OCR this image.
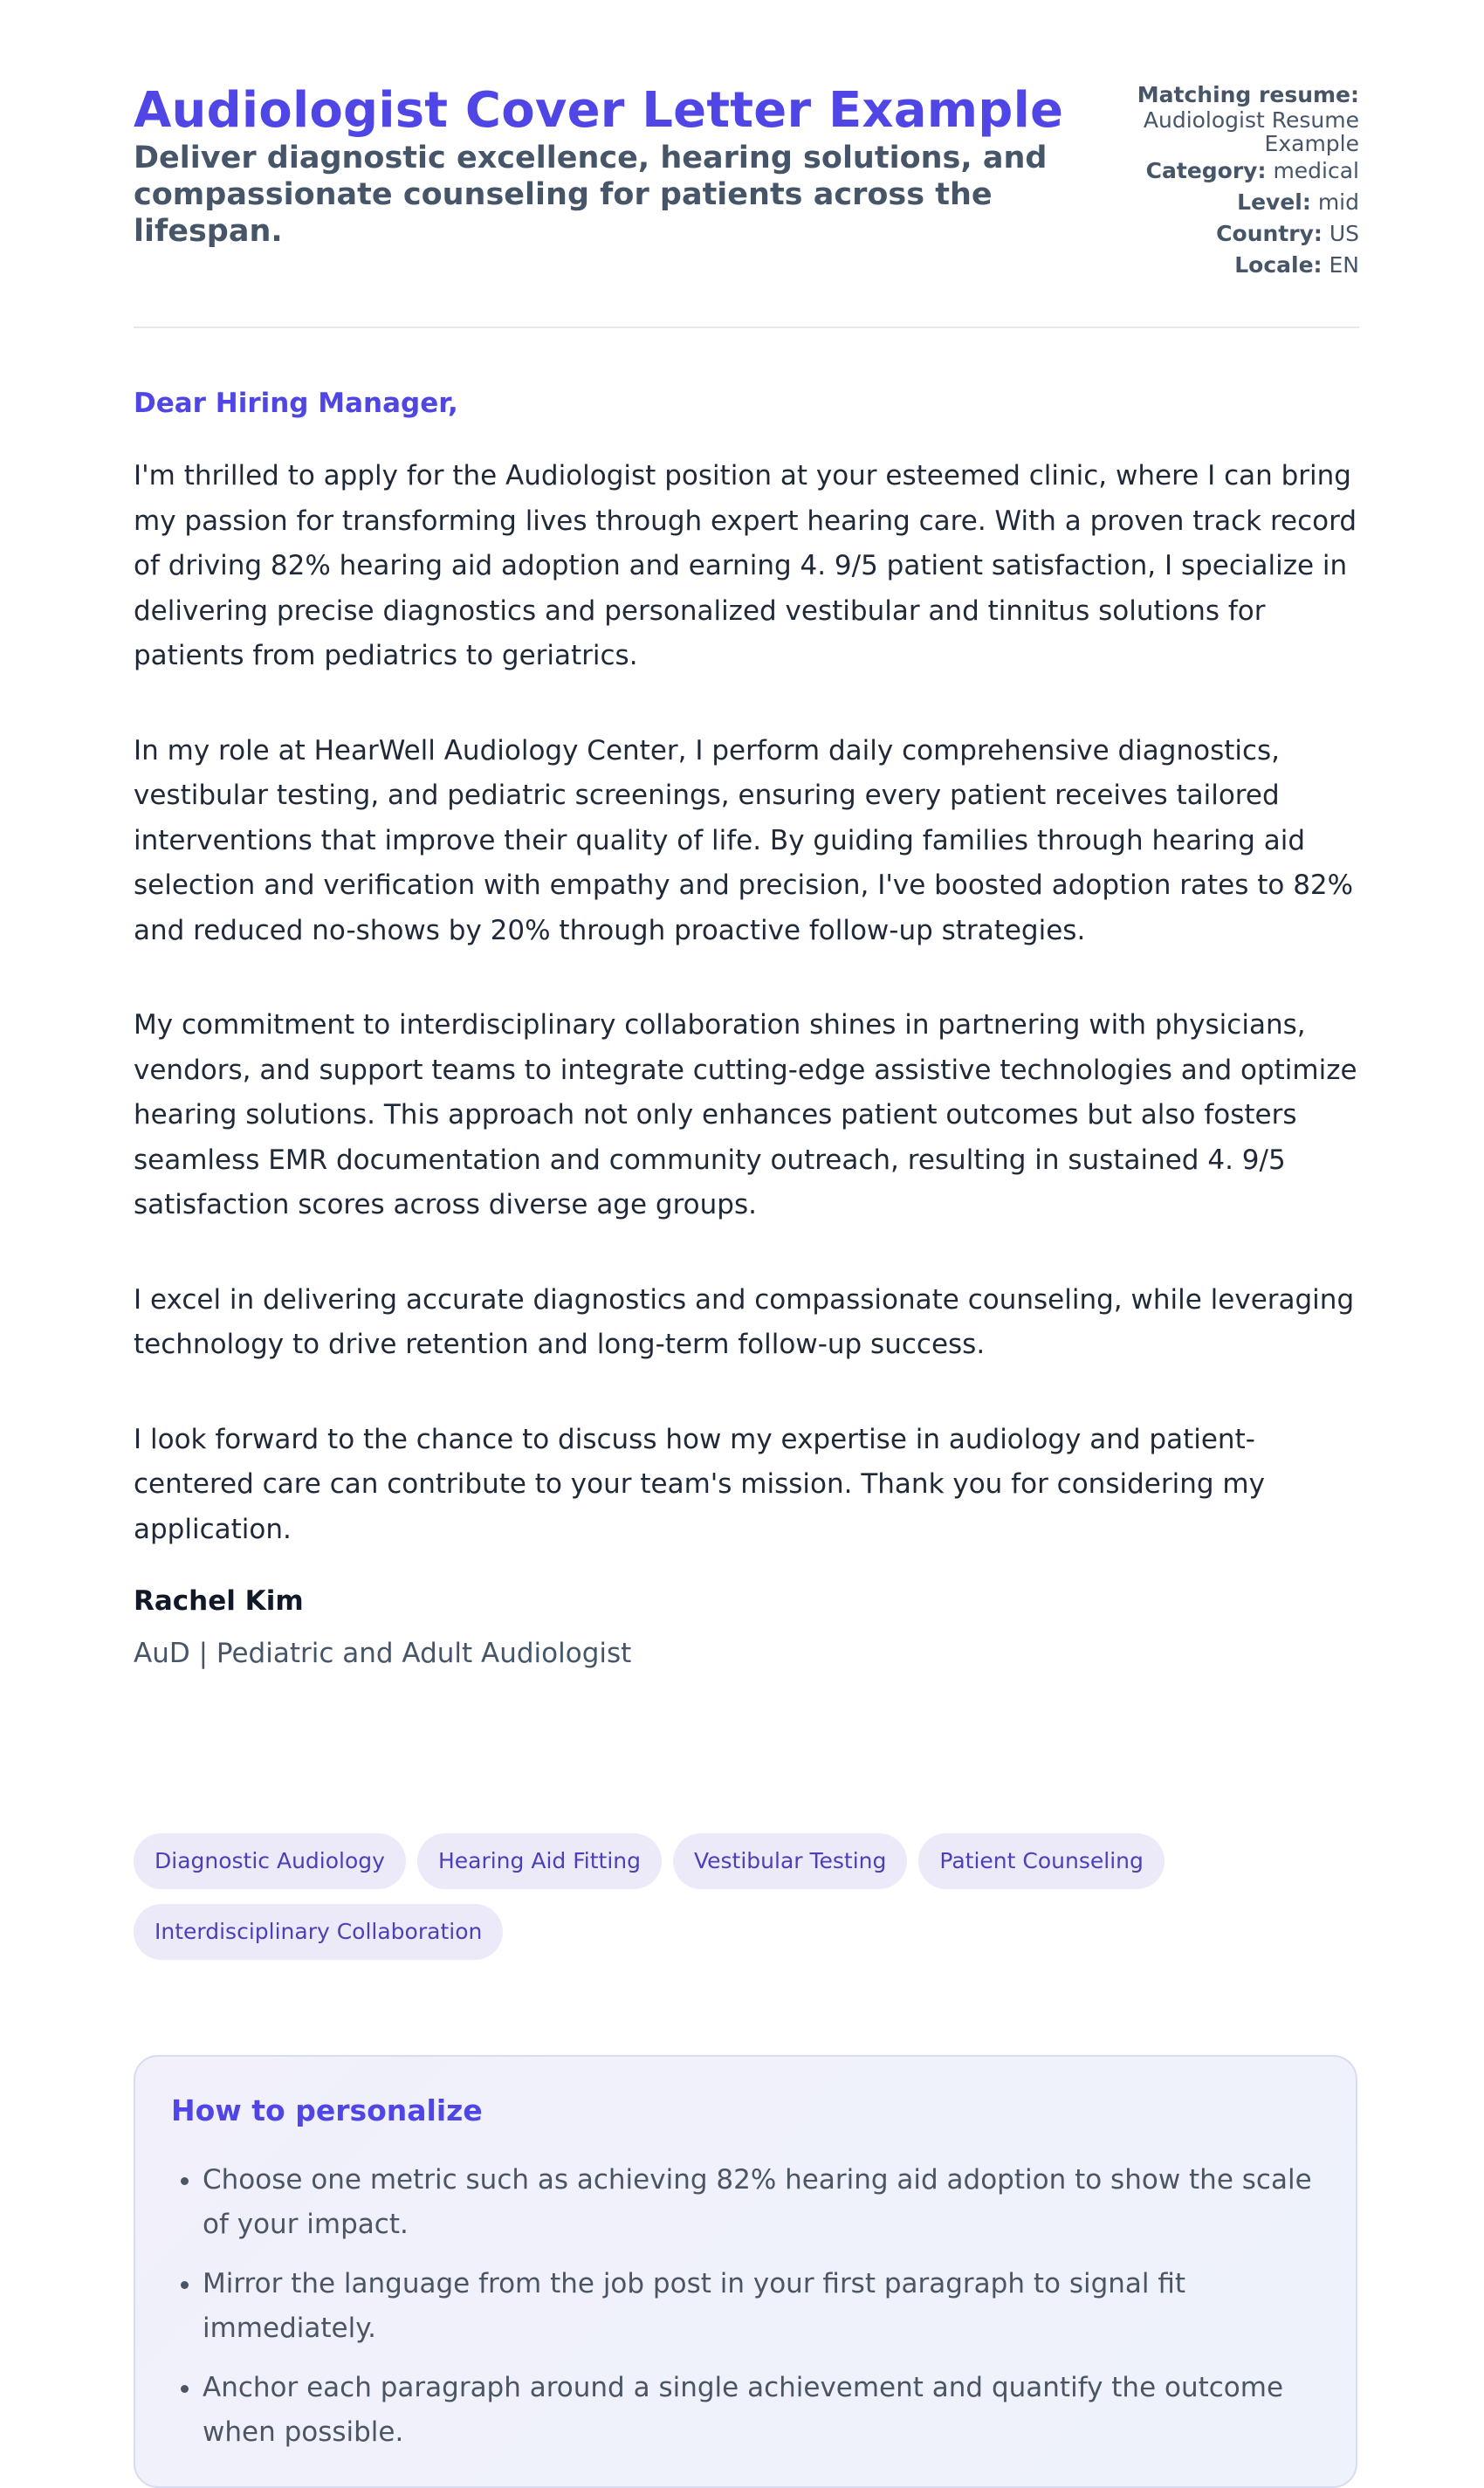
Audiologist Cover Letter Example

Deliver diagnostic excellence, hearing solutions, and compassionate counseling for patients across the lifespan.

Matching resume:
Audiologist Resume Example
Category: medical
Level: mid
Country: US
Locale: EN

Dear Hiring Manager,

I'm thrilled to apply for the Audiologist position at your esteemed clinic, where I can bring my passion for transforming lives through expert hearing care. With a proven track record of driving 82% hearing aid adoption and earning 4. 9/5 patient satisfaction, I specialize in delivering precise diagnostics and personalized vestibular and tinnitus solutions for patients from pediatrics to geriatrics.

In my role at HearWell Audiology Center, I perform daily comprehensive diagnostics, vestibular testing, and pediatric screenings, ensuring every patient receives tailored interventions that improve their quality of life. By guiding families through hearing aid selection and verification with empathy and precision, I've boosted adoption rates to 82% and reduced no-shows by 20% through proactive follow-up strategies.

My commitment to interdisciplinary collaboration shines in partnering with physicians, vendors, and support teams to integrate cutting-edge assistive technologies and optimize hearing solutions. This approach not only enhances patient outcomes but also fosters seamless EMR documentation and community outreach, resulting in sustained 4. 9/5 satisfaction scores across diverse age groups.

I excel in delivering accurate diagnostics and compassionate counseling, while leveraging technology to drive retention and long-term follow-up success.

I look forward to the chance to discuss how my expertise in audiology and patient-centered care can contribute to your team's mission. Thank you for considering my application.

Rachel Kim

AuD | Pediatric and Adult Audiologist

Diagnostic Audiology Hearing Aid Fitting Vestibular Testing Patient CounselingInterdisciplinary Collaboration
How to personalize
• Choose one metric such as achieving 82% hearing aid adoption to show the scale of your impact.
• Mirror the language from the job post in your first paragraph to signal fit immediately.
• Anchor each paragraph around a single achievement and quantify the outcome when possible.
